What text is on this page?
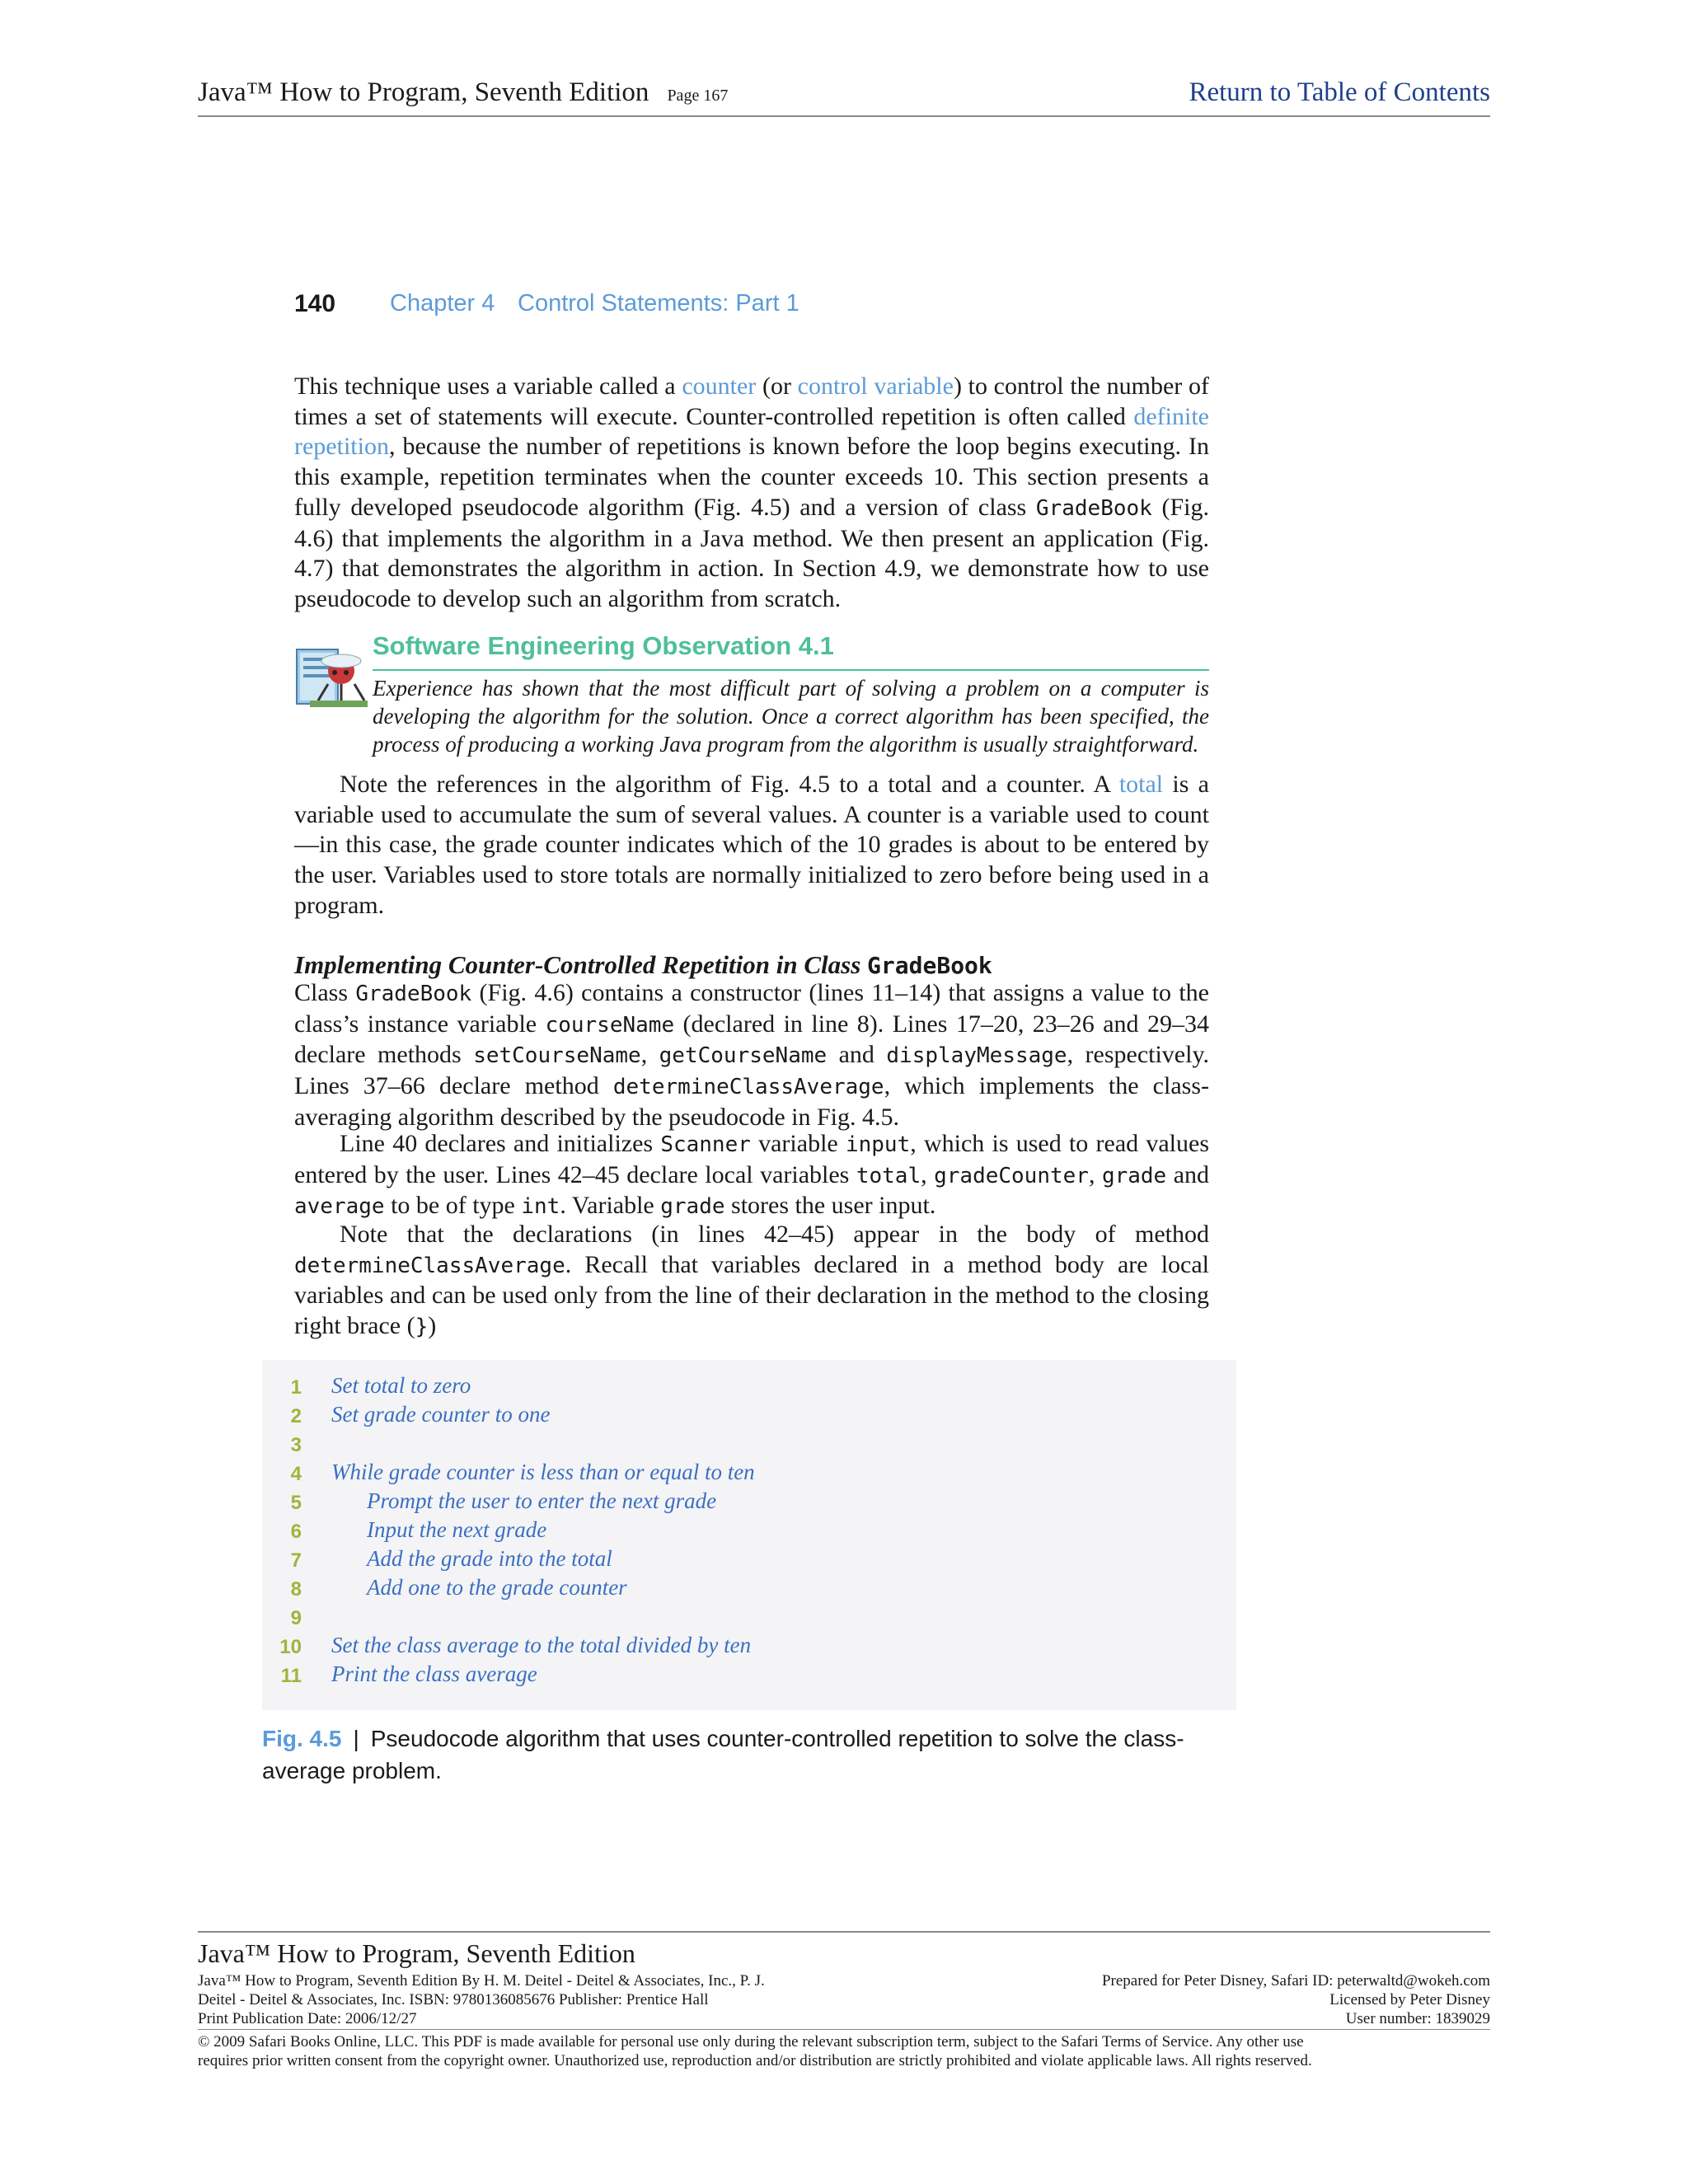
Java™ How to Program, Seventh Edition Page 167	Return to Table of Contents
140 Chapter 4 Control Statements: Part 1

This technique uses a variable called a counter (or control variable) to control the number of times a set of statements will execute. Counter-controlled repetition is often called definite repetition, because the number of repetitions is known before the loop begins executing. In this example, repetition terminates when the counter exceeds 10. This section presents a fully developed pseudocode algorithm (Fig. 4.5) and a version of class GradeBook (Fig. 4.6) that implements the algorithm in a Java method. We then present an application (Fig. 4.7) that demonstrates the algorithm in action. In Section 4.9, we demonstrate how to use pseudocode to develop such an algorithm from scratch.

Software Engineering Observation 4.1
Experience has shown that the most difficult part of solving a problem on a computer is developing the algorithm for the solution. Once a correct algorithm has been specified, the process of producing a working Java program from the algorithm is usually straightforward.

Note the references in the algorithm of Fig. 4.5 to a total and a counter. A total is a variable used to accumulate the sum of several values. A counter is a variable used to count—in this case, the grade counter indicates which of the 10 grades is about to be entered by the user. Variables used to store totals are normally initialized to zero before being used in a program.

Implementing Counter-Controlled Repetition in Class GradeBook

Class GradeBook (Fig. 4.6) contains a constructor (lines 11–14) that assigns a value to the class’s instance variable courseName (declared in line 8). Lines 17–20, 23–26 and 29–34 declare methods setCourseName, getCourseName and displayMessage, respectively. Lines 37–66 declare method determineClassAverage, which implements the class-averaging algorithm described by the pseudocode in Fig. 4.5.

Line 40 declares and initializes Scanner variable input, which is used to read values entered by the user. Lines 42–45 declare local variables total, gradeCounter, grade and average to be of type int. Variable grade stores the user input.

Note that the declarations (in lines 42–45) appear in the body of method determineClassAverage. Recall that variables declared in a method body are local variables and can be used only from the line of their declaration in the method to the closing right brace (})

1 Set total to zero
2 Set grade counter to one
3
4 While grade counter is less than or equal to ten
5	Prompt the user to enter the next grade
6	Input the next grade
7	Add the grade into the total
8	Add one to the grade counter
9
10 Set the class average to the total divided by ten
11 Print the class average
Fig. 4.5 | Pseudocode algorithm that uses counter-controlled repetition to solve the class-average problem.
Java™ How to Program, Seventh Edition
Java™ How to Program, Seventh Edition By H. M. Deitel - Deitel & Associates, Inc., P. J.
Deitel - Deitel & Associates, Inc. ISBN: 9780136085676 Publisher: Prentice Hall
Print Publication Date: 2006/12/27
Prepared for Peter Disney, Safari ID: peterwaltd@wokeh.com
Licensed by Peter Disney
User number: 1839029
© 2009 Safari Books Online, LLC. This PDF is made available for personal use only during the relevant subscription term, subject to the Safari Terms of Service. Any other use
requires prior written consent from the copyright owner. Unauthorized use, reproduction and/or distribution are strictly prohibited and violate applicable laws. All rights reserved.
